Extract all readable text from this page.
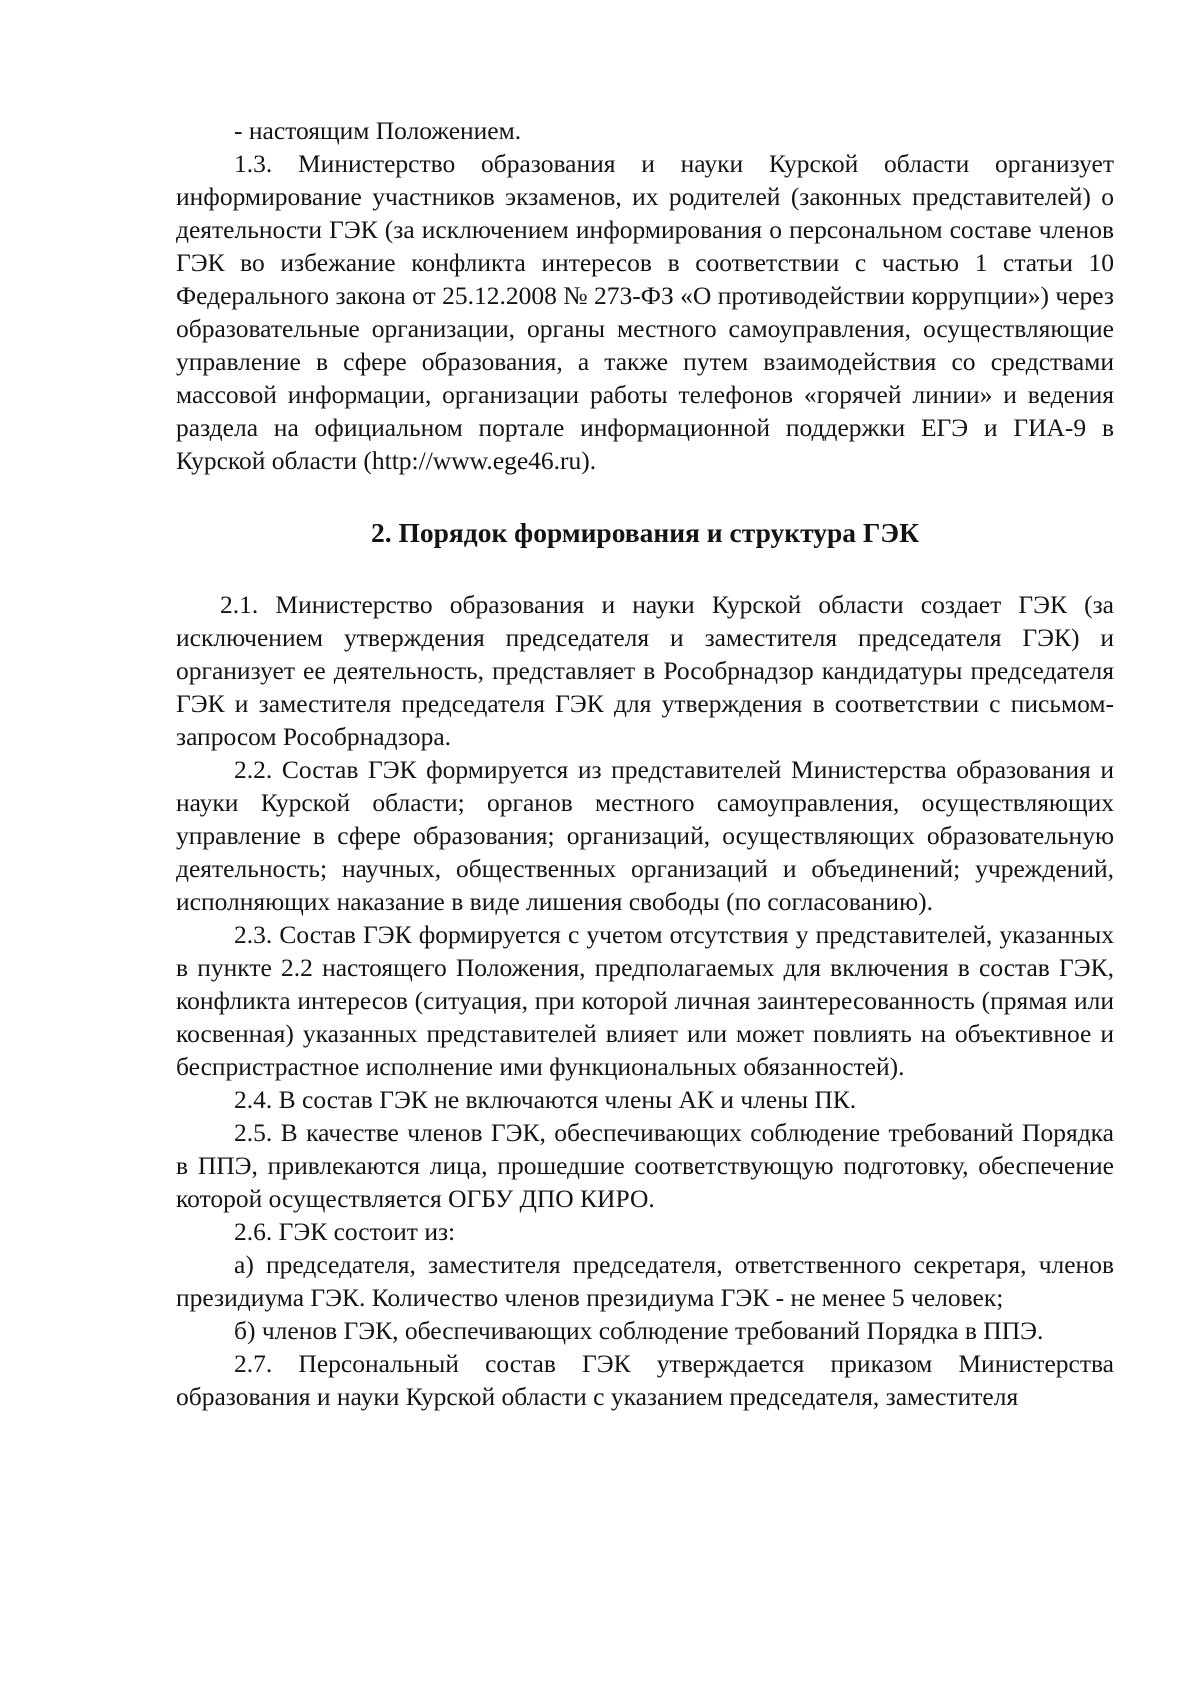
- настоящим Положением.

1.3. Министерство образования и науки Курской области организует информирование участников экзаменов, их родителей (законных представителей) о деятельности ГЭК (за исключением информирования о персональном составе членов ГЭК во избежание конфликта интересов в соответствии с частью 1 статьи 10 Федерального закона от 25.12.2008 № 273-ФЗ «О противодействии коррупции») через образовательные организации, органы местного самоуправления, осуществляющие управление в сфере образования, а также путем взаимодействия со средствами массовой информации, организации работы телефонов «горячей линии» и ведения раздела на официальном портале информационной поддержки ЕГЭ и ГИА-9 в Курской области (http://www.ege46.ru).

2. Порядок формирования и структура ГЭК

2.1. Министерство образования и науки Курской области создает ГЭК (за исключением утверждения председателя и заместителя председателя ГЭК) и организует ее деятельность, представляет в Рособрнадзор кандидатуры председателя ГЭК и заместителя председателя ГЭК для утверждения в соответствии с письмом-запросом Рособрнадзора.

2.2. Состав ГЭК формируется из представителей Министерства образования и науки Курской области; органов местного самоуправления, осуществляющих управление в сфере образования; организаций, осуществляющих образовательную деятельность; научных, общественных организаций и объединений; учреждений, исполняющих наказание в виде лишения свободы (по согласованию).

2.3. Состав ГЭК формируется с учетом отсутствия у представителей, указанных в пункте 2.2 настоящего Положения, предполагаемых для включения в состав ГЭК, конфликта интересов (ситуация, при которой личная заинтересованность (прямая или косвенная) указанных представителей влияет или может повлиять на объективное и беспристрастное исполнение ими функциональных обязанностей).

2.4. В состав ГЭК не включаются члены АК и члены ПК.

2.5. В качестве членов ГЭК, обеспечивающих соблюдение требований Порядка в ППЭ, привлекаются лица, прошедшие соответствующую подготовку, обеспечение которой осуществляется ОГБУ ДПО КИРО.

2.6. ГЭК состоит из:

а) председателя, заместителя председателя, ответственного секретаря, членов президиума ГЭК. Количество членов президиума ГЭК - не менее 5 человек;

б) членов ГЭК, обеспечивающих соблюдение требований Порядка в ППЭ.

2.7. Персональный состав ГЭК утверждается приказом Министерства образования и науки Курской области с указанием председателя, заместителя
